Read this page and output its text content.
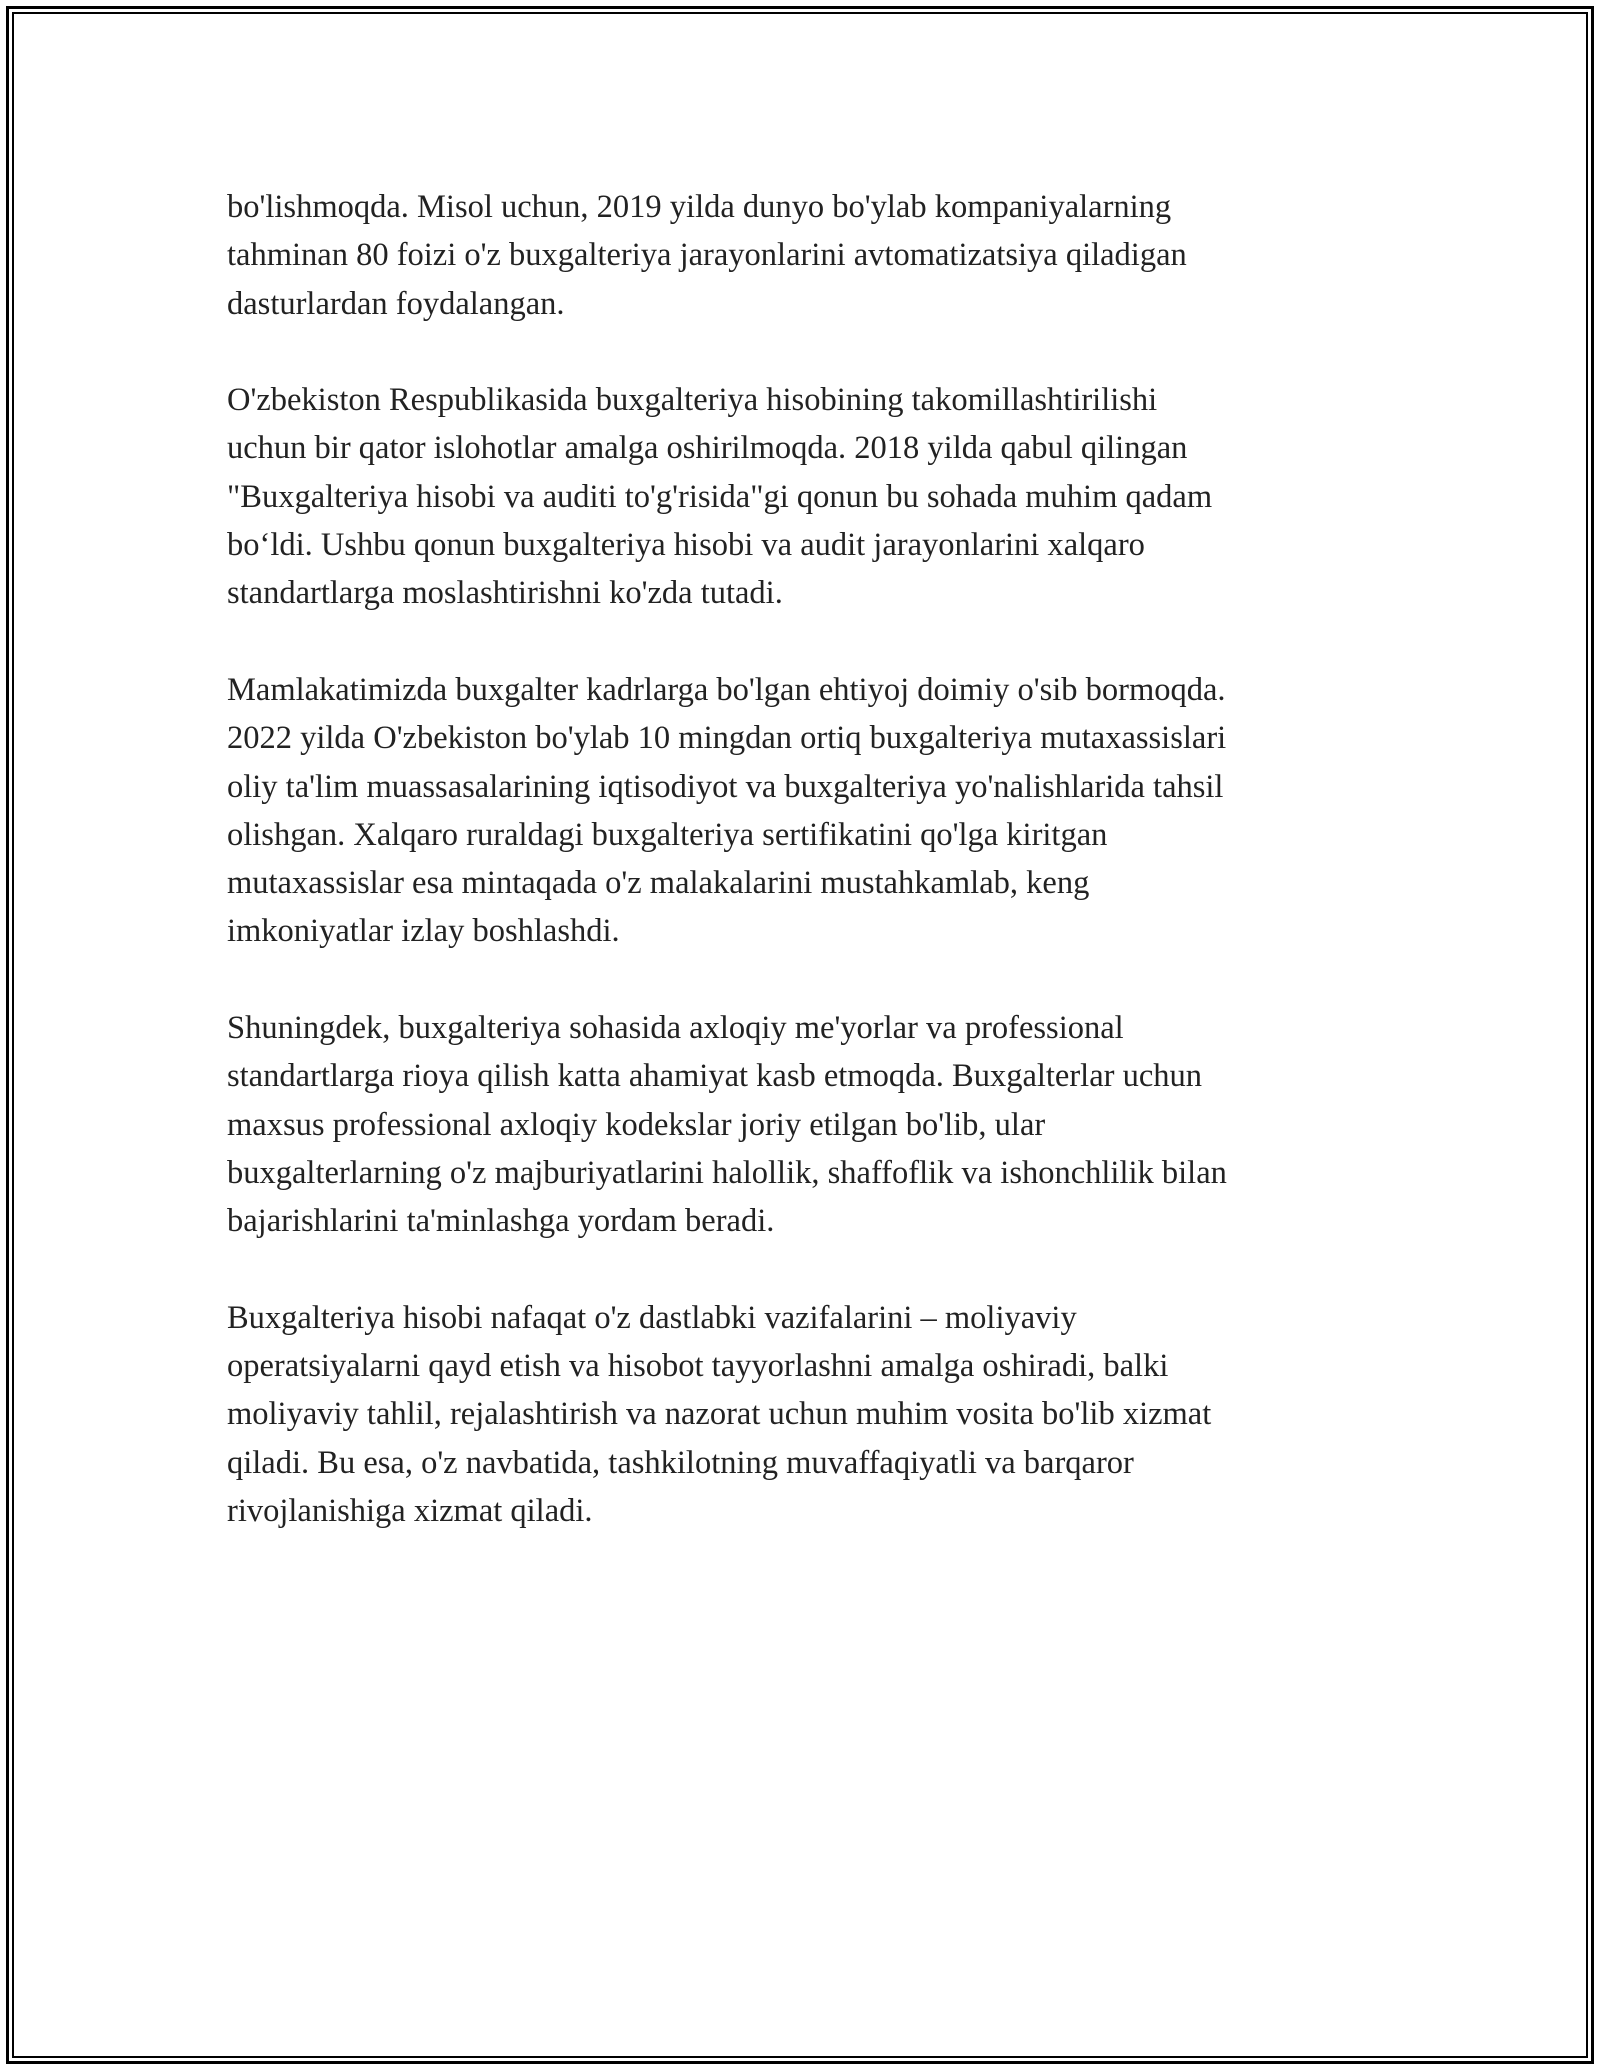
bo'lishmoqda. Misol uchun, 2019 yilda dunyo bo'ylab kompaniyalarning
tahminan 80 foizi o'z buxgalteriya jarayonlarini avtomatizatsiya qiladigan
dasturlardan foydalangan.

O'zbekiston Respublikasida buxgalteriya hisobining takomillashtirilishi
uchun bir qator islohotlar amalga oshirilmoqda. 2018 yilda qabul qilingan
"Buxgalteriya hisobi va auditi to'g'risida"gi qonun bu sohada muhim qadam
bo‘ldi. Ushbu qonun buxgalteriya hisobi va audit jarayonlarini xalqaro
standartlarga moslashtirishni ko'zda tutadi.

Mamlakatimizda buxgalter kadrlarga bo'lgan ehtiyoj doimiy o'sib bormoqda.
2022 yilda O'zbekiston bo'ylab 10 mingdan ortiq buxgalteriya mutaxassislari
oliy ta'lim muassasalarining iqtisodiyot va buxgalteriya yo'nalishlarida tahsil
olishgan. Xalqaro ruraldagi buxgalteriya sertifikatini qo'lga kiritgan
mutaxassislar esa mintaqada o'z malakalarini mustahkamlab, keng
imkoniyatlar izlay boshlashdi.

Shuningdek, buxgalteriya sohasida axloqiy me'yorlar va professional
standartlarga rioya qilish katta ahamiyat kasb etmoqda. Buxgalterlar uchun
maxsus professional axloqiy kodekslar joriy etilgan bo'lib, ular
buxgalterlarning o'z majburiyatlarini halollik, shaffoflik va ishonchlilik bilan
bajarishlarini ta'minlashga yordam beradi.

Buxgalteriya hisobi nafaqat o'z dastlabki vazifalarini – moliyaviy
operatsiyalarni qayd etish va hisobot tayyorlashni amalga oshiradi, balki
moliyaviy tahlil, rejalashtirish va nazorat uchun muhim vosita bo'lib xizmat
qiladi. Bu esa, o'z navbatida, tashkilotning muvaffaqiyatli va barqaror
rivojlanishiga xizmat qiladi.
